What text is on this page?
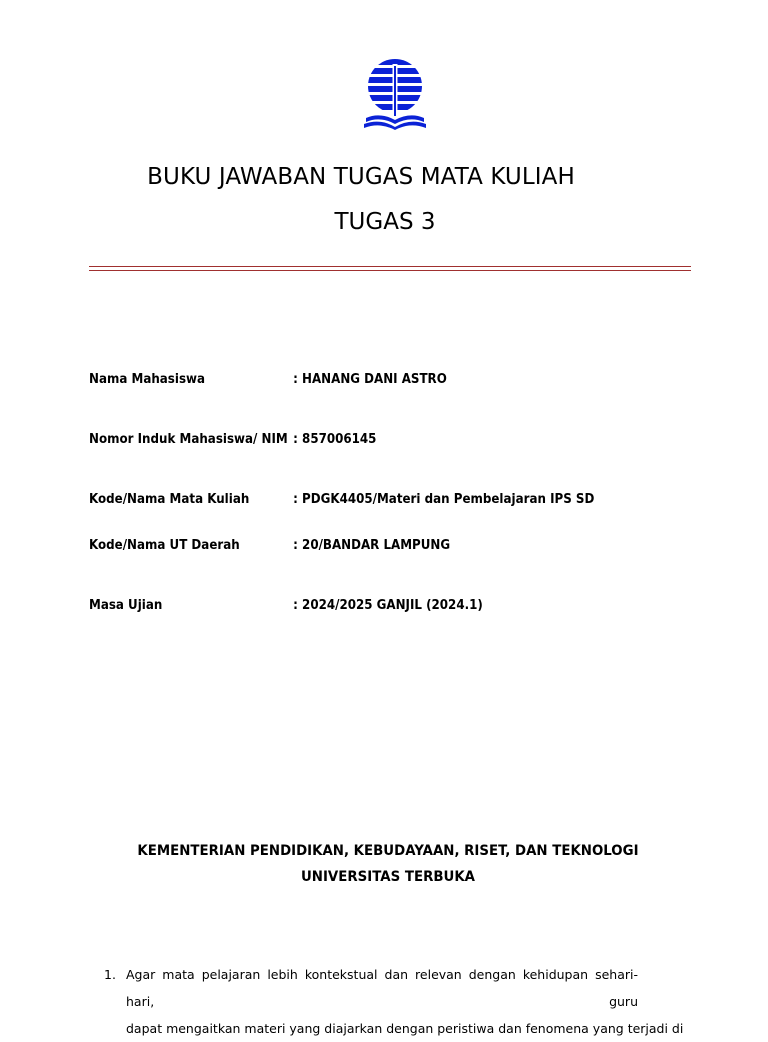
BUKU JAWABAN TUGAS MATA KULIAH
TUGAS 3
Nama Mahasiswa	: HANANG DANI ASTRO
Nomor Induk Mahasiswa/ NIM : 857006145
Kode/Nama Mata Kuliah	: PDGK4405/Materi dan Pembelajaran IPS SD
Kode/Nama UT Daerah	: 20/BANDAR LAMPUNG
Masa Ujian	: 2024/2025 GANJIL (2024.1)
KEMENTERIAN PENDIDIKAN, KEBUDAYAAN, RISET, DAN TEKNOLOGI
UNIVERSITAS TERBUKA
1. Agar mata pelajaran lebih kontekstual dan relevan dengan kehidupan sehari-hari, guru
dapat mengaitkan materi yang diajarkan dengan peristiwa dan fenomena yang terjadi di
